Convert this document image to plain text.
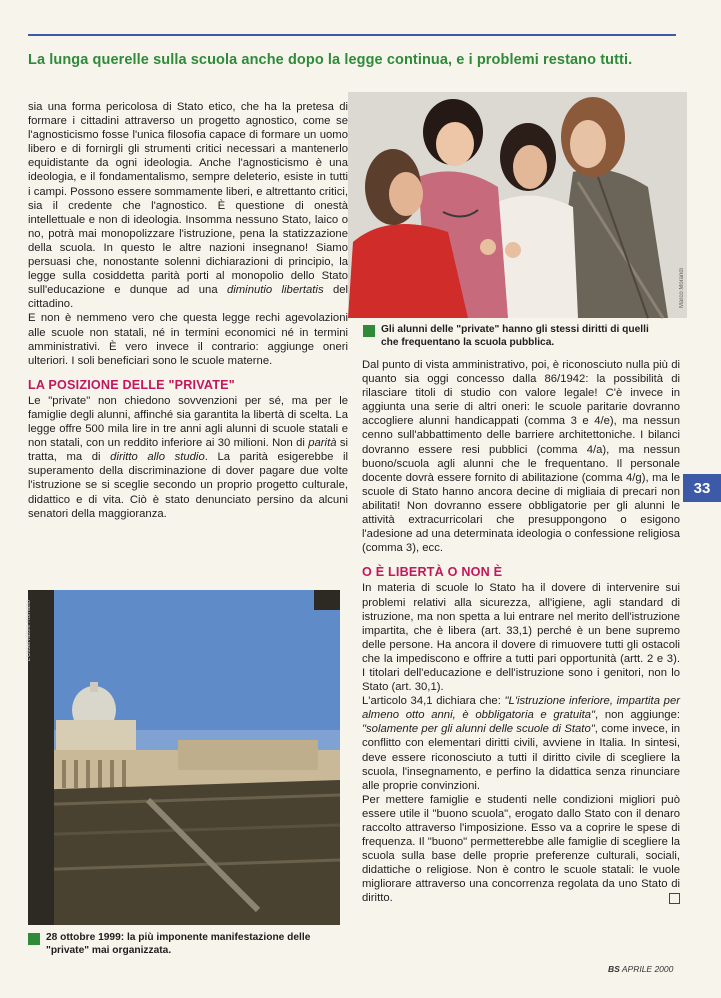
La lunga querelle sulla scuola anche dopo la legge continua, e i problemi restano tutti.

sia una forma pericolosa di Stato etico, che ha la pretesa di formare i cittadini attraverso un progetto agnostico, come se l'agnosticismo fosse l'unica filosofia capace di formare un uomo libero e di fornirgli gli strumenti critici necessari a mantenerlo equidistante da ogni ideologia. Anche l'agnosticismo è una ideologia, e il fondamentalismo, sempre deleterio, esiste in tutti i campi. Possono essere sommamente liberi, e altrettanto critici, sia il credente che l'agnostico. È questione di onestà intellettuale e non di ideologia. Insomma nessuno Stato, laico o no, potrà mai monopolizzare l'istruzione, pena la statizzazione della scuola. In questo le altre nazioni insegnano! Siamo persuasi che, nonostante solenni dichiarazioni di principio, la legge sulla cosiddetta parità porti al monopolio dello Stato sull'educazione e dunque ad una diminutio libertatis del cittadino.

E non è nemmeno vero che questa legge rechi agevolazioni alle scuole non statali, né in termini economici né in termini amministrativi. È vero invece il contrario: aggiunge oneri ulteriori. I soli beneficiari sono le scuole materne.

LA POSIZIONE DELLE "PRIVATE"

Le "private" non chiedono sovvenzioni per sé, ma per le famiglie degli alunni, affinché sia garantita la libertà di scelta. La legge offre 500 mila lire in tre anni agli alunni di scuole statali e non statali, con un reddito inferiore ai 30 milioni. Non di parità si tratta, ma di diritto allo studio. La parità esigerebbe il superamento della discriminazione di dover pagare due volte l'istruzione se si sceglie secondo un proprio progetto culturale, didattico e di vita. Ciò è stato denunciato persino da alcuni senatori della maggioranza.

Marco Morandi
Gli alunni delle "private" hanno gli stessi diritti di quelli che frequentano la scuola pubblica.

Dal punto di vista amministrativo, poi, è riconosciuto nulla più di quanto sia oggi concesso dalla 86/1942: la possibilità di rilasciare titoli di studio con valore legale! C'è invece in aggiunta una serie di altri oneri: le scuole paritarie dovranno accogliere alunni handicappati (comma 3 e 4/e), ma nessun cenno sull'abbattimento delle barriere architettoniche. I bilanci dovranno essere resi pubblici (comma 4/a), ma nessun buono/scuola agli alunni che le frequentano. Il personale docente dovrà essere fornito di abilitazione (comma 4/g), ma le scuole di Stato hanno ancora decine di migliaia di precari non abilitati! Non dovranno essere obbligatorie per gli alunni le attività extracurricolari che presuppongono o esigono l'adesione ad una determinata ideologia o confessione religiosa (comma 3), ecc.

O È LIBERTÀ O NON È

In materia di scuole lo Stato ha il dovere di intervenire sui problemi relativi alla sicurezza, all'igiene, agli standard di istruzione, ma non spetta a lui entrare nel merito dell'istruzione impartita, che è libera (art. 33,1) perché è un bene supremo delle persone. Ha ancora il dovere di rimuovere tutti gli ostacoli che la impediscono e offrire a tutti pari opportunità (artt. 2 e 3). I titolari dell'educazione e dell'istruzione sono i genitori, non lo Stato (art. 30,1).

L'articolo 34,1 dichiara che: "L'istruzione inferiore, impartita per almeno otto anni, è obbligatoria e gratuita", non aggiunge: "solamente per gli alunni delle scuole di Stato", come invece, in conflitto con elementari diritti civili, avviene in Italia. In sintesi, deve essere riconosciuto a tutti il diritto civile di scegliere la scuola, l'insegnamento, e perfino la didattica senza rinunciare alle proprie convinzioni.

Per mettere famiglie e studenti nelle condizioni migliori può essere utile il "buono scuola", erogato dallo Stato con il denaro raccolto attraverso l'imposizione. Esso va a coprire le spese di frequenza. Il "buono" permetterebbe alle famiglie di scegliere la scuola sulla base delle proprie preferenze culturali, sociali, didattiche o religiose. Non è contro le scuole statali: le vuole migliorare attraverso una concorrenza regolata da uno Stato di diritto.

L'Osservatore Romano
28 ottobre 1999: la più imponente manifestazione delle "private" mai organizzata.
33
BS APRILE 2000
